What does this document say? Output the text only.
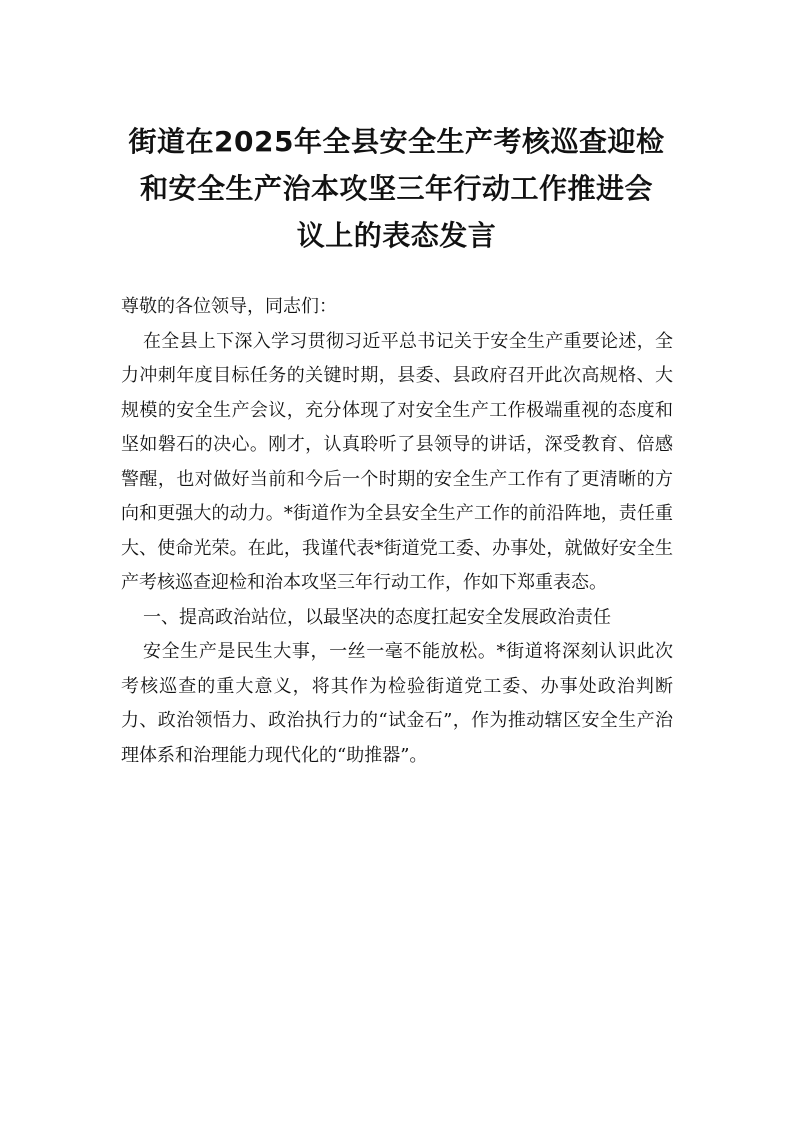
街道在2025年全县安全生产考核巡查迎检
和安全生产治本攻坚三年行动工作推进会
议上的表态发言

尊敬的各位领导，同志们：

在全县上下深入学习贯彻习近平总书记关于安全生产重要论述，全力冲刺年度目标任务的关键时期，县委、县政府召开此次高规格、大规模的安全生产会议，充分体现了对安全生产工作极端重视的态度和坚如磐石的决心。刚才，认真聆听了县领导的讲话，深受教育、倍感警醒，也对做好当前和今后一个时期的安全生产工作有了更清晰的方向和更强大的动力。*街道作为全县安全生产工作的前沿阵地，责任重大、使命光荣。在此，我谨代表*街道党工委、办事处，就做好安全生产考核巡查迎检和治本攻坚三年行动工作，作如下郑重表态。

一、提高政治站位，以最坚决的态度扛起安全发展政治责任

安全生产是民生大事，一丝一毫不能放松。*街道将深刻认识此次考核巡查的重大意义，将其作为检验街道党工委、办事处政治判断力、政治领悟力、政治执行力的“试金石”，作为推动辖区安全生产治理体系和治理能力现代化的“助推器”。
